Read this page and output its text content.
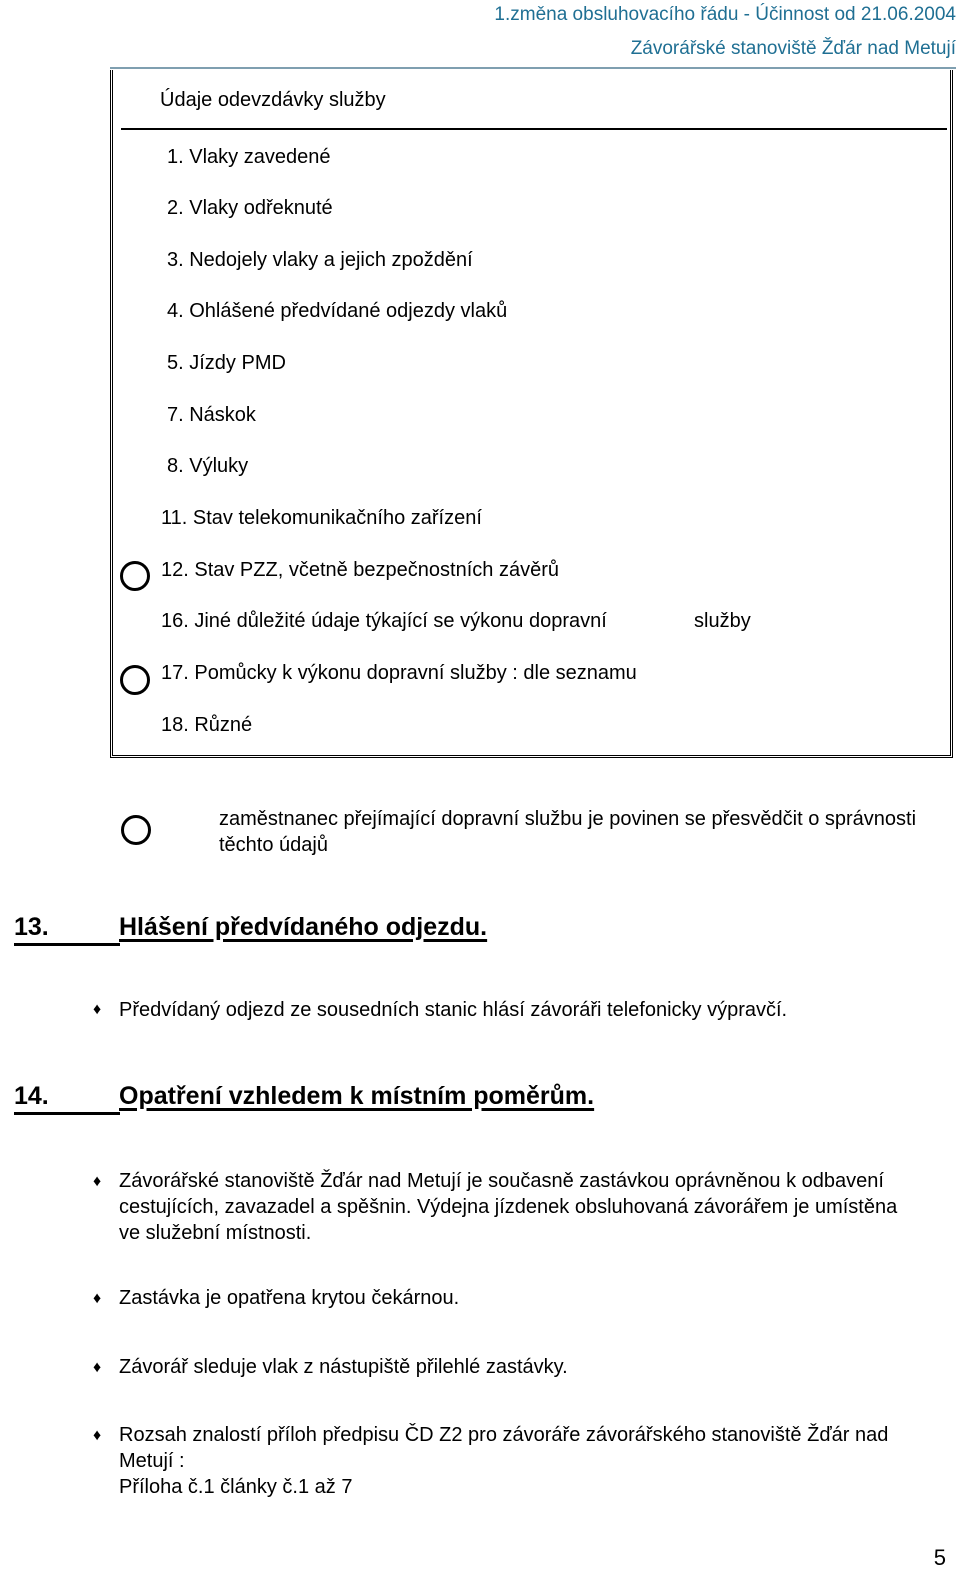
1.změna obsluhovacího řádu - Účinnost od 21.06.2004
Závorářské stanoviště Žďár nad Metují
Údaje odevzdávky služby
1. Vlaky zavedené
2. Vlaky odřeknuté
3. Nedojely vlaky a jejich zpoždění
4. Ohlášené předvídané odjezdy vlaků
5. Jízdy PMD
7. Náskok
8. Výluky
11. Stav telekomunikačního zařízení
12. Stav PZZ, včetně bezpečnostních závěrů
16. Jiné důležité údaje týkající se výkonu dopravní	služby
17. Pomůcky k výkonu dopravní služby : dle seznamu
18. Různé
zaměstnanec přejímající dopravní službu je povinen se přesvědčit o správnosti těchto údajů
13.	Hlášení předvídaného odjezdu.
♦ Předvídaný odjezd ze sousedních stanic hlásí závoráři telefonicky výpravčí.
14.	Opatření vzhledem k místním poměrům.
♦ Závorářské stanoviště Žďár nad Metují je současně zastávkou oprávněnou k odbavení cestujících, zavazadel a spěšnin. Výdejna jízdenek obsluhovaná závorářem je umístěna ve služební místnosti.
♦ Zastávka je opatřena krytou čekárnou.
♦ Závorář sleduje vlak z nástupiště přilehlé zastávky.
♦ Rozsah znalostí příloh předpisu ČD Z2 pro závoráře závorářského stanoviště Žďár nad Metují :
Příloha č.1 články č.1 až 7
5
